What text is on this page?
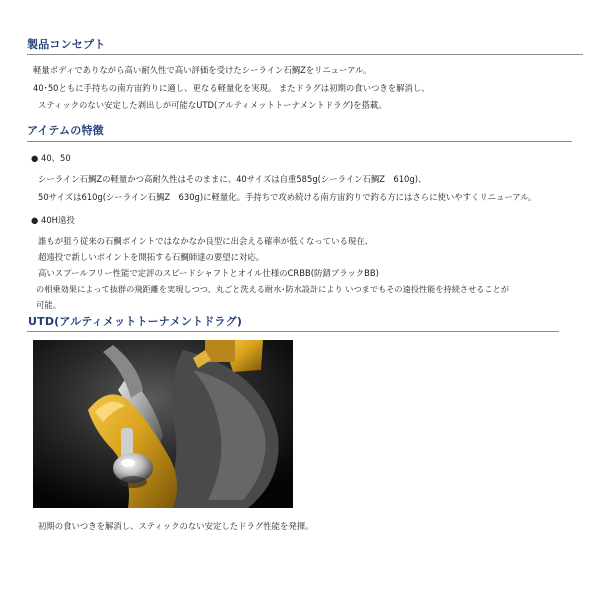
製品コンセプト
軽量ボディでありながら高い耐久性で高い評価を受けたシーライン石鯛Zをリニューアル。
40･50ともに手持ちの南方宙釣りに適し、更なる軽量化を実現。 またドラグは初期の食いつきを解消し、
スティックのない安定した剥出しが可能なUTD(アルティメットトーナメントドラグ)を搭載。
アイテムの特徴
● 40、50
シーライン石鯛Zの軽量かつ高耐久性はそのままに、40サイズは自重585g(シーライン石鯛Z　610g)、
50サイズは610g(シーライン石鯛Z　630g)に軽量化。手持ちで攻め続ける南方宙釣りで釣る方にはさらに使いやすくリニューアル。
● 40H遠投
誰もが狙う従来の石鯛ポイントではなかなか良型に出会える確率が低くなっている現在、
超遠投で新しいポイントを開拓する石鯛師達の要望に対応。
高いスプールフリー性能で定評のスピードシャフトとオイル仕様のCRBB(防錆ブラックBB)
の相乗効果によって抜群の飛距離を実現しつつ、丸ごと洗える耐水･防水設計により いつまでもその遠投性能を持続させることが
可能。
UTD(アルティメットトーナメントドラグ)
初期の食いつきを解消し、スティックのない安定したドラグ性能を発揮。
